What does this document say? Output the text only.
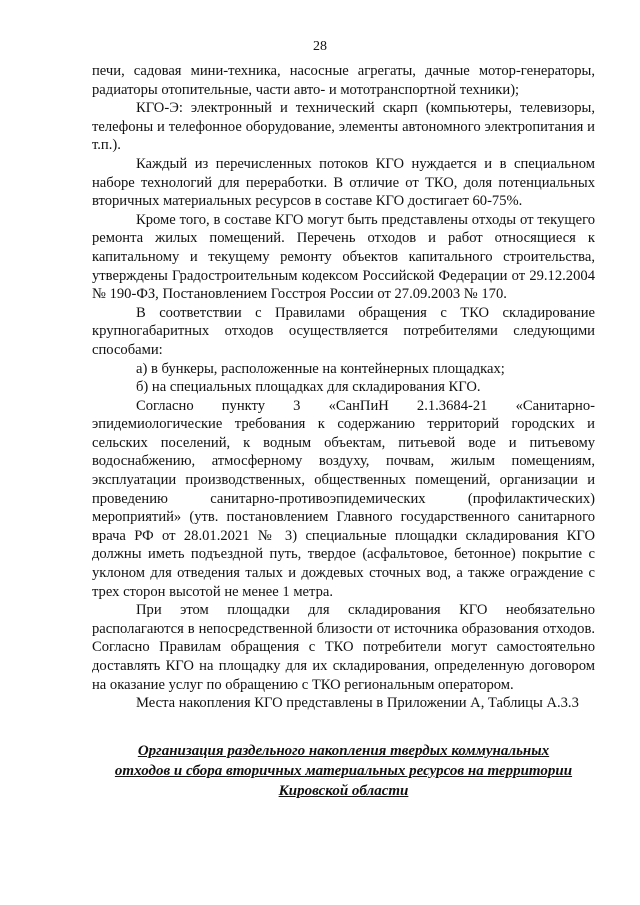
28

печи, садовая мини-техника, насосные агрегаты, дачные мотор-генераторы, радиаторы отопительные, части авто- и мототранспортной техники);

КГО-Э: электронный и технический скарп (компьютеры, телевизоры, телефоны и телефонное оборудование, элементы автономного электропитания и т.п.).

Каждый из перечисленных потоков КГО нуждается и в специальном наборе технологий для переработки. В отличие от ТКО, доля потенциальных вторичных материальных ресурсов в составе КГО достигает 60-75%.

Кроме того, в составе КГО могут быть представлены отходы от текущего ремонта жилых помещений. Перечень отходов и работ относящиеся к капитальному и текущему ремонту объектов капитального строительства, утверждены Градостроительным кодексом Российской Федерации от 29.12.2004 № 190-ФЗ, Постановлением Госстроя России от 27.09.2003 № 170.

В соответствии с Правилами обращения с ТКО складирование крупногабаритных отходов осуществляется потребителями следующими способами:

а) в бункеры, расположенные на контейнерных площадках;

б) на специальных площадках для складирования КГО.

Согласно пункту 3 «СанПиН 2.1.3684-21 «Санитарно-эпидемиологические требования к содержанию территорий городских и сельских поселений, к водным объектам, питьевой воде и питьевому водоснабжению, атмосферному воздуху, почвам, жилым помещениям, эксплуатации производственных, общественных помещений, организации и проведению санитарно-противоэпидемических (профилактических) мероприятий» (утв. постановлением Главного государственного санитарного врача РФ от 28.01.2021 № 3) специальные площадки складирования КГО должны иметь подъездной путь, твердое (асфальтовое, бетонное) покрытие с уклоном для отведения талых и дождевых сточных вод, а также ограждение с трех сторон высотой не менее 1 метра.

При этом площадки для складирования КГО необязательно располагаются в непосредственной близости от источника образования отходов. Согласно Правилам обращения с ТКО потребители могут самостоятельно доставлять КГО на площадку для их складирования, определенную договором на оказание услуг по обращению с ТКО региональным оператором.

Места накопления КГО представлены в Приложении А, Таблицы А.3.3

Организация раздельного накопления твердых коммунальных
отходов и сбора вторичных материальных ресурсов на территории
Кировской области
